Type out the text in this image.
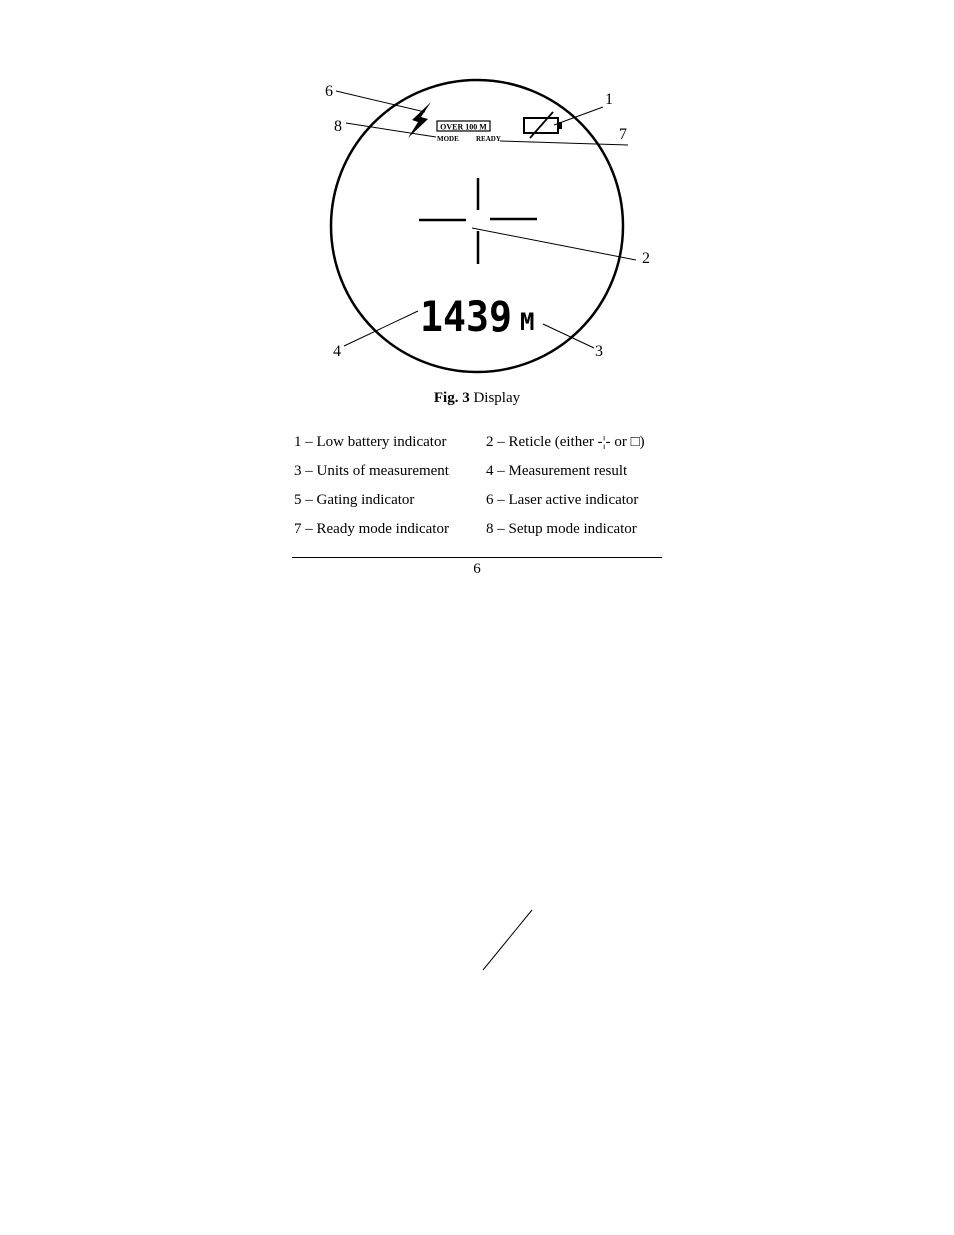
OVER 100 M
MODE READY
1439 M
6
8
1
7
2
4	3
Fig. 3 Display
1 – Low battery indicator	2 – Reticle (either -¦- or □)
3 – Units of measurement 4 – Measurement result
5 – Gating indicator	6 – Laser active indicator
7 – Ready mode indicator 8 – Setup mode indicator
6
